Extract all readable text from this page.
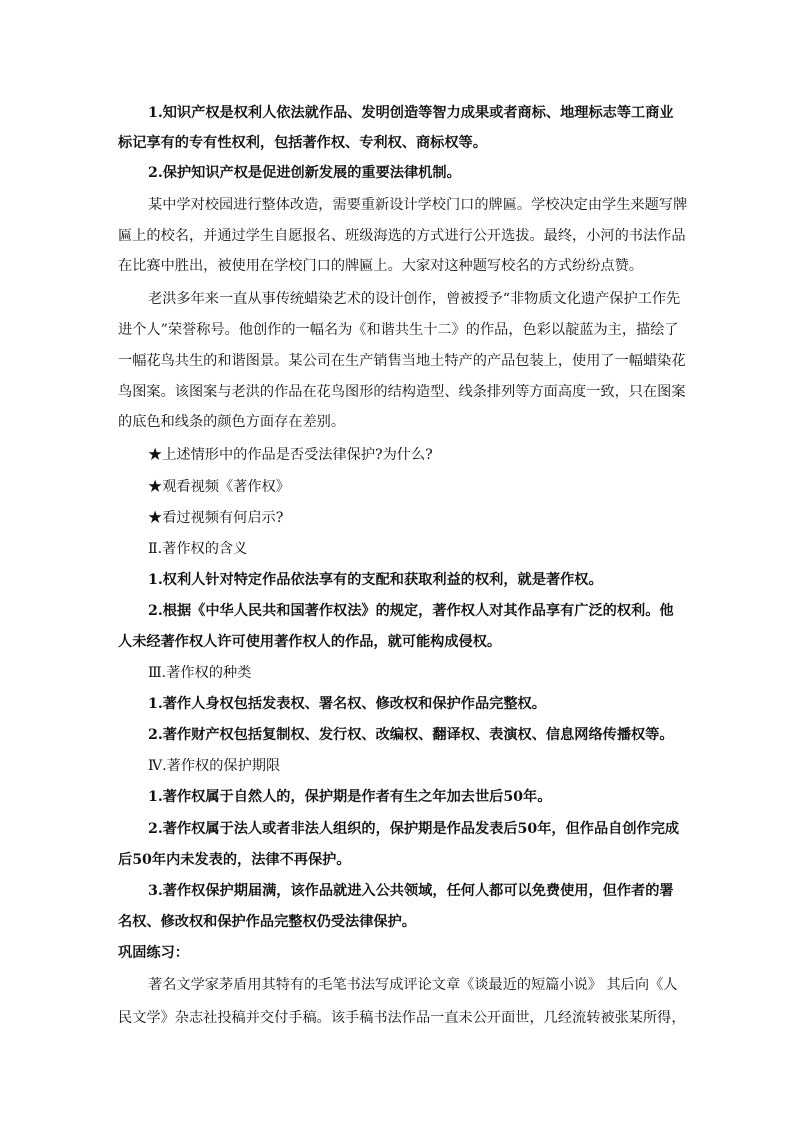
1.知识产权是权利人依法就作品、发明创造等智力成果或者商标、地理标志等工商业

标记享有的专有性权利，包括著作权、专利权、商标权等。

2.保护知识产权是促进创新发展的重要法律机制。

某中学对校园进行整体改造，需要重新设计学校门口的牌匾。学校决定由学生来题写牌

匾上的校名，并通过学生自愿报名、班级海选的方式进行公开选拔。最终，小河的书法作品

在比赛中胜出，被使用在学校门口的牌匾上。大家对这种题写校名的方式纷纷点赞。

老洪多年来一直从事传统蜡染艺术的设计创作，曾被授予“非物质文化遗产保护工作先

进个人”荣誉称号。他创作的一幅名为《和谐共生十二》的作品，色彩以靛蓝为主，描绘了

一幅花鸟共生的和谐图景。某公司在生产销售当地土特产的产品包装上，使用了一幅蜡染花

鸟图案。该图案与老洪的作品在花鸟图形的结构造型、线条排列等方面高度一致，只在图案

的底色和线条的颜色方面存在差别。

★上述情形中的作品是否受法律保护?为什么?

★观看视频《著作权》

★看过视频有何启示?

Ⅱ.著作权的含义

1.权利人针对特定作品依法享有的支配和获取利益的权利，就是著作权。

2.根据《中华人民共和国著作权法》的规定，著作权人对其作品享有广泛的权利。他

人未经著作权人许可使用著作权人的作品，就可能构成侵权。

Ⅲ.著作权的种类

1.著作人身权包括发表权、署名权、修改权和保护作品完整权。

2.著作财产权包括复制权、发行权、改编权、翻译权、表演权、信息网络传播权等。

Ⅳ.著作权的保护期限

1.著作权属于自然人的，保护期是作者有生之年加去世后50年。

2.著作权属于法人或者非法人组织的，保护期是作品发表后50年，但作品自创作完成

后50年内未发表的，法律不再保护。

3.著作权保护期届满，该作品就进入公共领域，任何人都可以免费使用，但作者的署

名权、修改权和保护作品完整权仍受法律保护。

巩固练习：

著名文学家茅盾用其特有的毛笔书法写成评论文章《谈最近的短篇小说》 其后向《人

民文学》杂志社投稿并交付手稿。该手稿书法作品一直未公开面世，几经流转被张某所得，
